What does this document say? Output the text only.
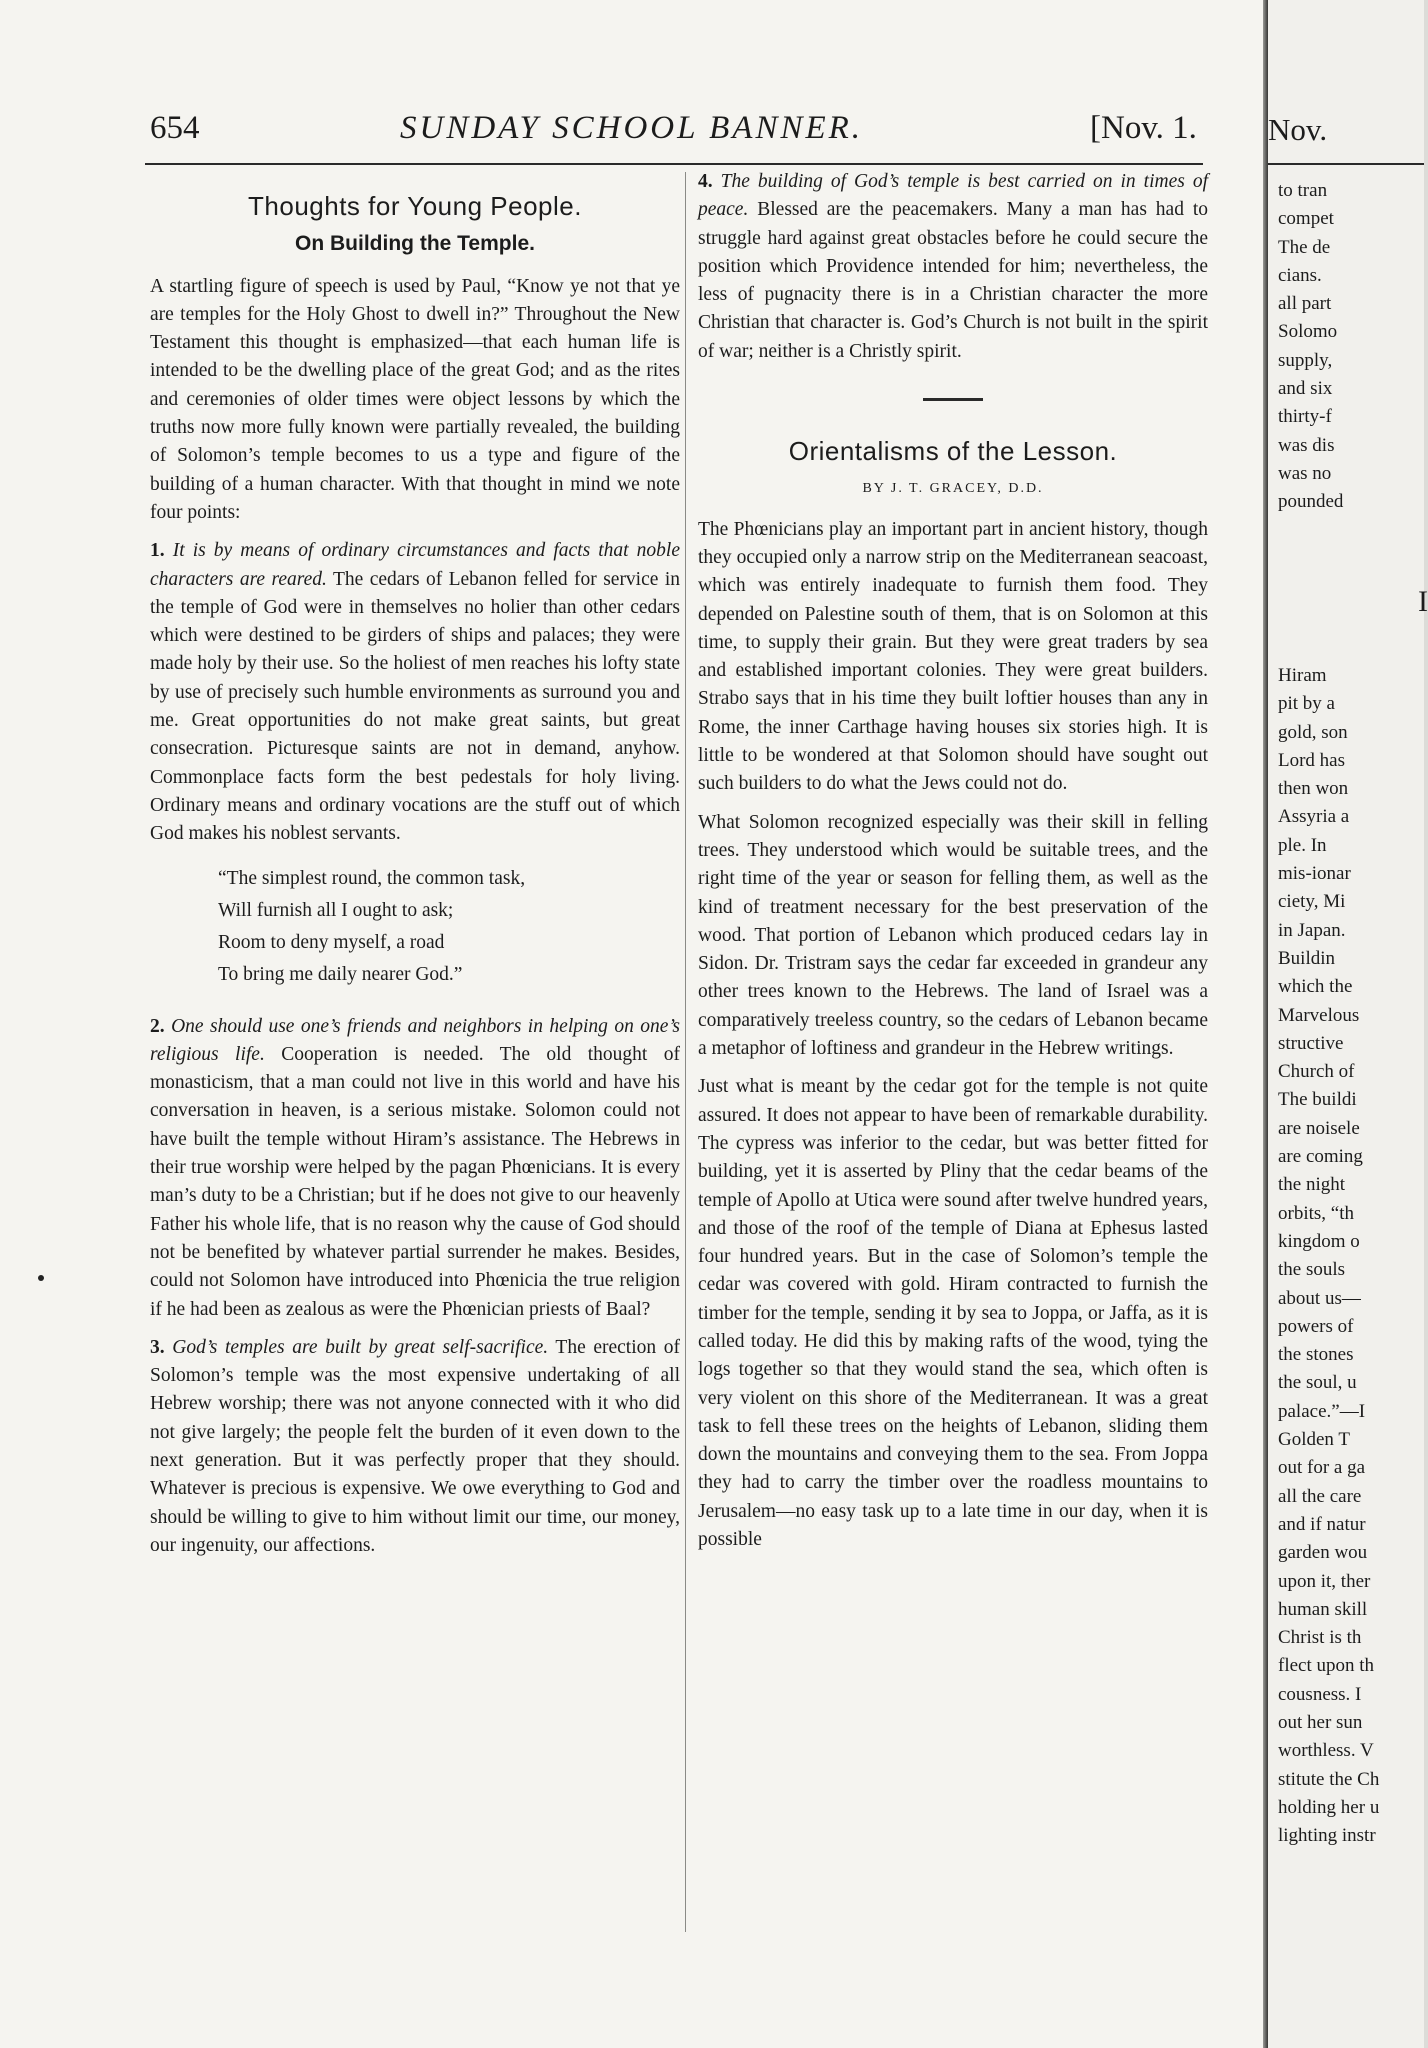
654	SUNDAY SCHOOL BANNER.	[Nov. 1.
Thoughts for Young People.
On Building the Temple.

A startling figure of speech is used by Paul, “Know ye not that ye are temples for the Holy Ghost to dwell in?” Throughout the New Testament this thought is emphasized—that each human life is intended to be the dwelling place of the great God; and as the rites and ceremonies of older times were object lessons by which the truths now more fully known were partially revealed, the building of Solomon’s temple becomes to us a type and figure of the building of a human character. With that thought in mind we note four points:

1. It is by means of ordinary circumstances and facts that noble characters are reared. The cedars of Lebanon felled for service in the temple of God were in themselves no holier than other cedars which were destined to be girders of ships and palaces; they were made holy by their use. So the holiest of men reaches his lofty state by use of precisely such humble environments as surround you and me. Great opportunities do not make great saints, but great consecration. Picturesque saints are not in demand, anyhow. Commonplace facts form the best pedestals for holy living. Ordinary means and ordinary vocations are the stuff out of which God makes his noblest servants.

“The simplest round, the common task,
Will furnish all I ought to ask;
Room to deny myself, a road
To bring me daily nearer God.”

2. One should use one’s friends and neighbors in helping on one’s religious life. Cooperation is needed. The old thought of monasticism, that a man could not live in this world and have his conversation in heaven, is a serious mistake. Solomon could not have built the temple without Hiram’s assistance. The Hebrews in their true worship were helped by the pagan Phœnicians. It is every man’s duty to be a Christian; but if he does not give to our heavenly Father his whole life, that is no reason why the cause of God should not be benefited by whatever partial surrender he makes. Besides, could not Solomon have introduced into Phœnicia the true religion if he had been as zealous as were the Phœnician priests of Baal?

3. God’s temples are built by great self-sacrifice. The erection of Solomon’s temple was the most expensive undertaking of all Hebrew worship; there was not anyone connected with it who did not give largely; the people felt the burden of it even down to the next generation. But it was perfectly proper that they should. Whatever is precious is expensive. We owe everything to God and should be willing to give to him without limit our time, our money, our ingenuity, our affections.

4. The building of God’s temple is best carried on in times of peace. Blessed are the peacemakers. Many a man has had to struggle hard against great obstacles before he could secure the position which Providence intended for him; nevertheless, the less of pugnacity there is in a Christian character the more Christian that character is. God’s Church is not built in the spirit of war; neither is a Christly spirit.

Orientalisms of the Lesson.
BY J. T. GRACEY, D.D.

The Phœnicians play an important part in ancient history, though they occupied only a narrow strip on the Mediterranean seacoast, which was entirely inadequate to furnish them food. They depended on Palestine south of them, that is on Solomon at this time, to supply their grain. But they were great traders by sea and established important colonies. They were great builders. Strabo says that in his time they built loftier houses than any in Rome, the inner Carthage having houses six stories high. It is little to be wondered at that Solomon should have sought out such builders to do what the Jews could not do.

What Solomon recognized especially was their skill in felling trees. They understood which would be suitable trees, and the right time of the year or season for felling them, as well as the kind of treatment necessary for the best preservation of the wood. That portion of Lebanon which produced cedars lay in Sidon. Dr. Tristram says the cedar far exceeded in grandeur any other trees known to the Hebrews. The land of Israel was a comparatively treeless country, so the cedars of Lebanon became a metaphor of loftiness and grandeur in the Hebrew writings.

Just what is meant by the cedar got for the temple is not quite assured. It does not appear to have been of remarkable durability. The cypress was inferior to the cedar, but was better fitted for building, yet it is asserted by Pliny that the cedar beams of the temple of Apollo at Utica were sound after twelve hundred years, and those of the roof of the temple of Diana at Ephesus lasted four hundred years. But in the case of Solomon’s temple the cedar was covered with gold. Hiram contracted to furnish the timber for the temple, sending it by sea to Joppa, or Jaffa, as it is called today. He did this by making rafts of the wood, tying the logs together so that they would stand the sea, which often is very violent on this shore of the Mediterranean. It was a great task to fell these trees on the heights of Lebanon, sliding them down the mountains and conveying them to the sea. From Joppa they had to carry the timber over the roadless mountains to Jerusalem—no easy task up to a late time in our day, when it is possible

Nov.
to tran
compet
The de
cians.
all part
Solomo
supply,
and six
thirty-f
was dis
was no
pounded
I
Hiram
pit by a
gold, son
Lord has
then won
Assyria a
ple. In
mis-ionar
ciety, Mi
in Japan.
Buildin
which the
Marvelous
structive
Church of
The buildi
are noisele
are coming
the night
orbits, “th
kingdom o
the souls
about us—
powers of
the stones
the soul, u
palace.”—I
Golden T
out for a ga
all the care
and if natur
garden wou
upon it, ther
human skill
Christ is th
flect upon th
cousness. I
out her sun
worthless. V
stitute the Ch
holding her u
lighting instr
